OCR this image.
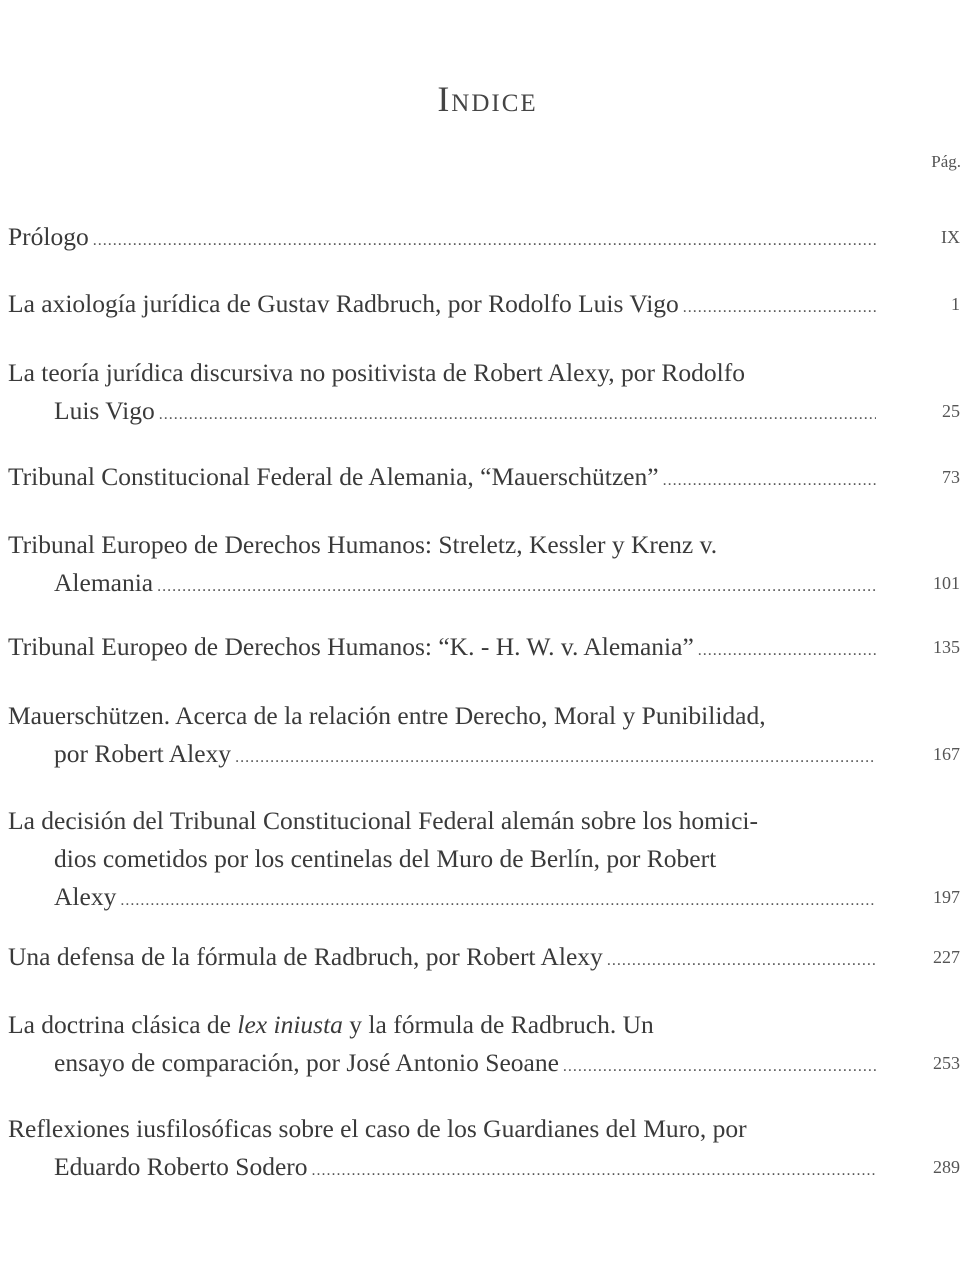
Indice
Pág.
Prólogo .....	IX
La axiología jurídica de Gustav Radbruch, por Rodolfo Luis Vigo .....	1
La teoría jurídica discursiva no positivista de Robert Alexy, por Rodolfo
Luis Vigo .....	25
Tribunal Constitucional Federal de Alemania, “Mauerschützen” .....	73
Tribunal Europeo de Derechos Humanos: Streletz, Kessler y Krenz v.
Alemania .....	101
Tribunal Europeo de Derechos Humanos: “K. - H. W. v. Alemania” .....	135
Mauerschützen. Acerca de la relación entre Derecho, Moral y Punibilidad,
por Robert Alexy .....	167
La decisión del Tribunal Constitucional Federal alemán sobre los homici-
dios cometidos por los centinelas del Muro de Berlín, por Robert
Alexy .....	197
Una defensa de la fórmula de Radbruch, por Robert Alexy .....	227
La doctrina clásica de lex iniusta y la fórmula de Radbruch. Un
ensayo de comparación, por José Antonio Seoane .....	253
Reflexiones iusfilosóficas sobre el caso de los Guardianes del Muro, por
Eduardo Roberto Sodero .....	289
